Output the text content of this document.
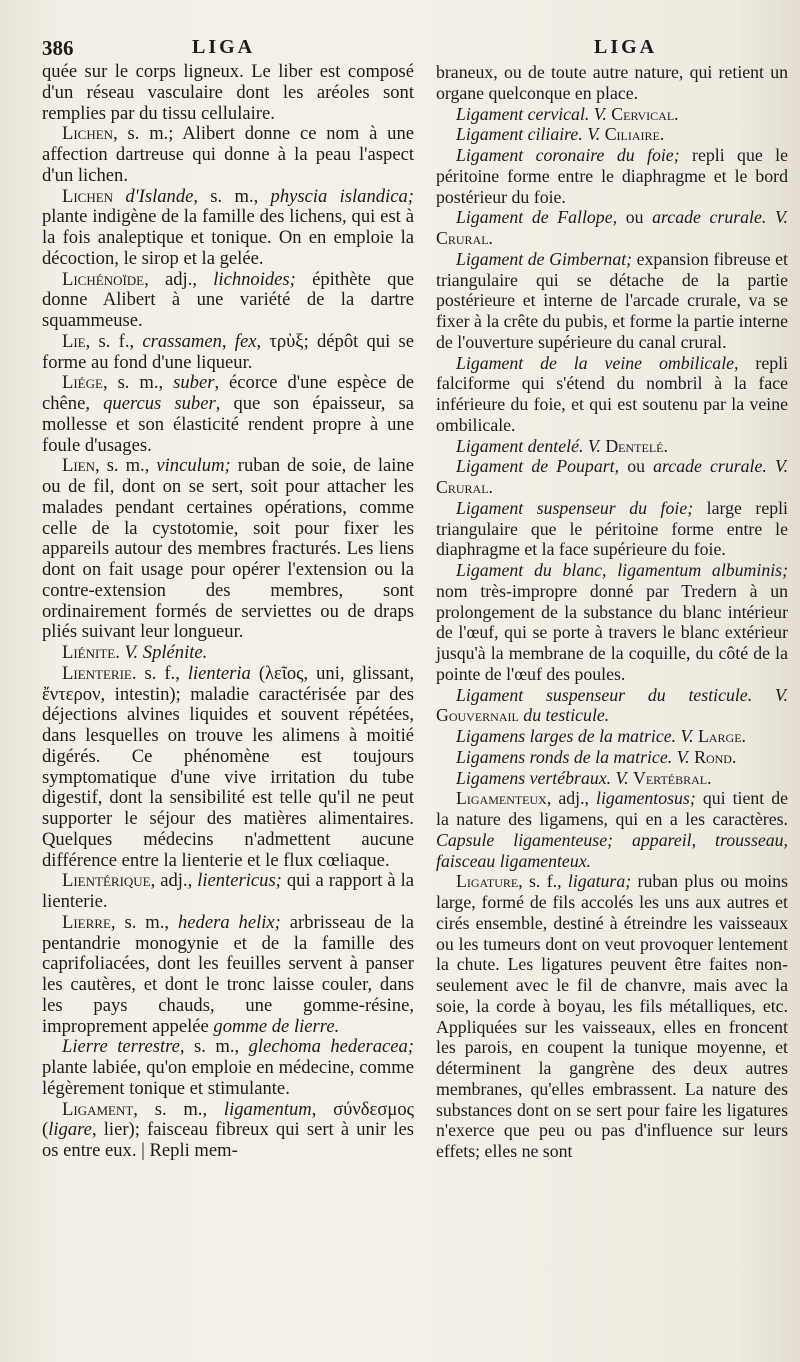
386	LIGA	LIGA

quée sur le corps ligneux. Le liber est composé d'un réseau vasculaire dont les aréoles sont remplies par du tissu cellulaire.

Lichen, s. m.; Alibert donne ce nom à une affection dartreuse qui donne à la peau l'aspect d'un lichen.

Lichen d'Islande, s. m., physcia islandica; plante indigène de la famille des lichens, qui est à la fois analeptique et tonique. On en emploie la décoction, le sirop et la gelée.

Lichénoïde, adj., lichnoides; épithète que donne Alibert à une variété de la dartre squammeuse.

Lie, s. f., crassamen, fex, τρὺξ; dépôt qui se forme au fond d'une liqueur.

Liége, s. m., suber, écorce d'une espèce de chêne, quercus suber, que son épaisseur, sa mollesse et son élasticité rendent propre à une foule d'usages.

Lien, s. m., vinculum; ruban de soie, de laine ou de fil, dont on se sert, soit pour attacher les malades pendant certaines opérations, comme celle de la cystotomie, soit pour fixer les appareils autour des membres fracturés. Les liens dont on fait usage pour opérer l'extension ou la contre-extension des membres, sont ordinairement formés de serviettes ou de draps pliés suivant leur longueur.

Liénite. V. Splénite.

Lienterie. s. f., lienteria (λεῖος, uni, glissant, ἔντερον, intestin); maladie caractérisée par des déjections alvines liquides et souvent répétées, dans lesquelles on trouve les alimens à moitié digérés. Ce phénomène est toujours symptomatique d'une vive irritation du tube digestif, dont la sensibilité est telle qu'il ne peut supporter le séjour des matières alimentaires. Quelques médecins n'admettent aucune différence entre la lienterie et le flux cœliaque.

Lientérique, adj., lientericus; qui a rapport à la lienterie.

Lierre, s. m., hedera helix; arbrisseau de la pentandrie monogynie et de la famille des caprifoliacées, dont les feuilles servent à panser les cautères, et dont le tronc laisse couler, dans les pays chauds, une gomme-résine, improprement appelée gomme de lierre.

Lierre terrestre, s. m., glechoma hederacea; plante labiée, qu'on emploie en médecine, comme légèrement tonique et stimulante.

Ligament, s. m., ligamentum, σύνδεσμος (ligare, lier); faisceau fibreux qui sert à unir les os entre eux. | Repli mem-

braneux, ou de toute autre nature, qui retient un organe quelconque en place.

Ligament cervical. V. Cervical.

Ligament ciliaire. V. Ciliaire.

Ligament coronaire du foie; repli que le péritoine forme entre le diaphragme et le bord postérieur du foie.

Ligament de Fallope, ou arcade crurale. V. Crural.

Ligament de Gimbernat; expansion fibreuse et triangulaire qui se détache de la partie postérieure et interne de l'arcade crurale, va se fixer à la crête du pubis, et forme la partie interne de l'ouverture supérieure du canal crural.

Ligament de la veine ombilicale, repli falciforme qui s'étend du nombril à la face inférieure du foie, et qui est soutenu par la veine ombilicale.

Ligament dentelé. V. Dentelé.

Ligament de Poupart, ou arcade crurale. V. Crural.

Ligament suspenseur du foie; large repli triangulaire que le péritoine forme entre le diaphragme et la face supérieure du foie.

Ligament du blanc, ligamentum albuminis; nom très-impropre donné par Tredern à un prolongement de la substance du blanc intérieur de l'œuf, qui se porte à travers le blanc extérieur jusqu'à la membrane de la coquille, du côté de la pointe de l'œuf des poules.

Ligament suspenseur du testicule. V. Gouvernail du testicule.

Ligamens larges de la matrice. V. Large.

Ligamens ronds de la matrice. V. Rond.

Ligamens vertébraux. V. Vertébral.

Ligamenteux, adj., ligamentosus; qui tient de la nature des ligamens, qui en a les caractères. Capsule ligamenteuse; appareil, trousseau, faisceau ligamenteux.

Ligature, s. f., ligatura; ruban plus ou moins large, formé de fils accolés les uns aux autres et cirés ensemble, destiné à étreindre les vaisseaux ou les tumeurs dont on veut provoquer lentement la chute. Les ligatures peuvent être faites non-seulement avec le fil de chanvre, mais avec la soie, la corde à boyau, les fils métalliques, etc. Appliquées sur les vaisseaux, elles en froncent les parois, en coupent la tunique moyenne, et déterminent la gangrène des deux autres membranes, qu'elles embrassent. La nature des substances dont on se sert pour faire les ligatures n'exerce que peu ou pas d'influence sur leurs effets; elles ne sont
